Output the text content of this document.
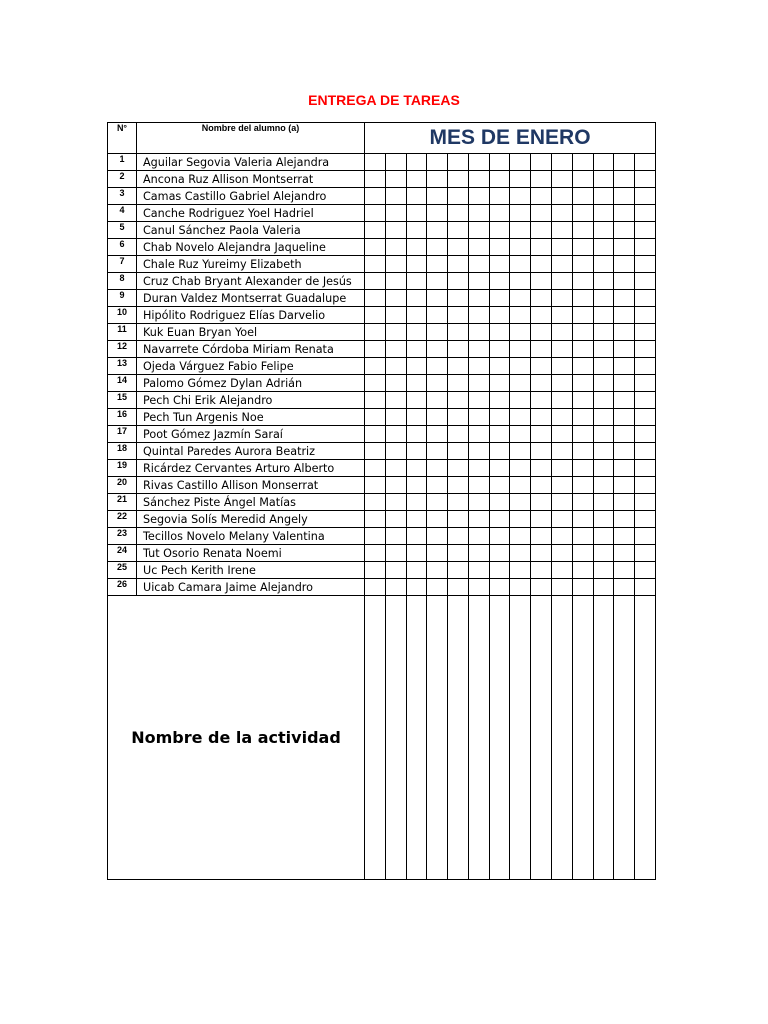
ENTREGA DE TAREAS
N°	Nombre del alumno (a)	MES DE ENERO													
1	Aguilar Segovia Valeria Alejandra														
2	Ancona Ruz Allison Montserrat														
3	Camas Castillo Gabriel Alejandro														
4	Canche Rodriguez Yoel Hadriel														
5	Canul Sánchez Paola Valeria														
6	Chab Novelo Alejandra Jaqueline														
7	Chale Ruz Yureimy Elizabeth														
8	Cruz Chab Bryant Alexander de Jesús														
9	Duran Valdez Montserrat Guadalupe														
10	Hipólito Rodriguez Elías Darvelio														
11	Kuk Euan Bryan Yoel														
12	Navarrete Córdoba Miriam Renata														
13	Ojeda Várguez Fabio Felipe														
14	Palomo Gómez Dylan Adrián														
15	Pech Chi Erik Alejandro														
16	Pech Tun Argenis Noe														
17	Poot Gómez Jazmín Saraí														
18	Quintal Paredes Aurora Beatriz														
19	Ricárdez Cervantes Arturo Alberto														
20	Rivas Castillo Allison Monserrat														
21	Sánchez Piste Ángel Matías														
22	Segovia Solís Meredid Angely														
23	Tecillos Novelo Melany Valentina														
24	Tut Osorio Renata Noemi														
25	Uc Pech Kerith Irene														
26	Uicab Camara Jaime Alejandro														
Nombre de la actividad															
